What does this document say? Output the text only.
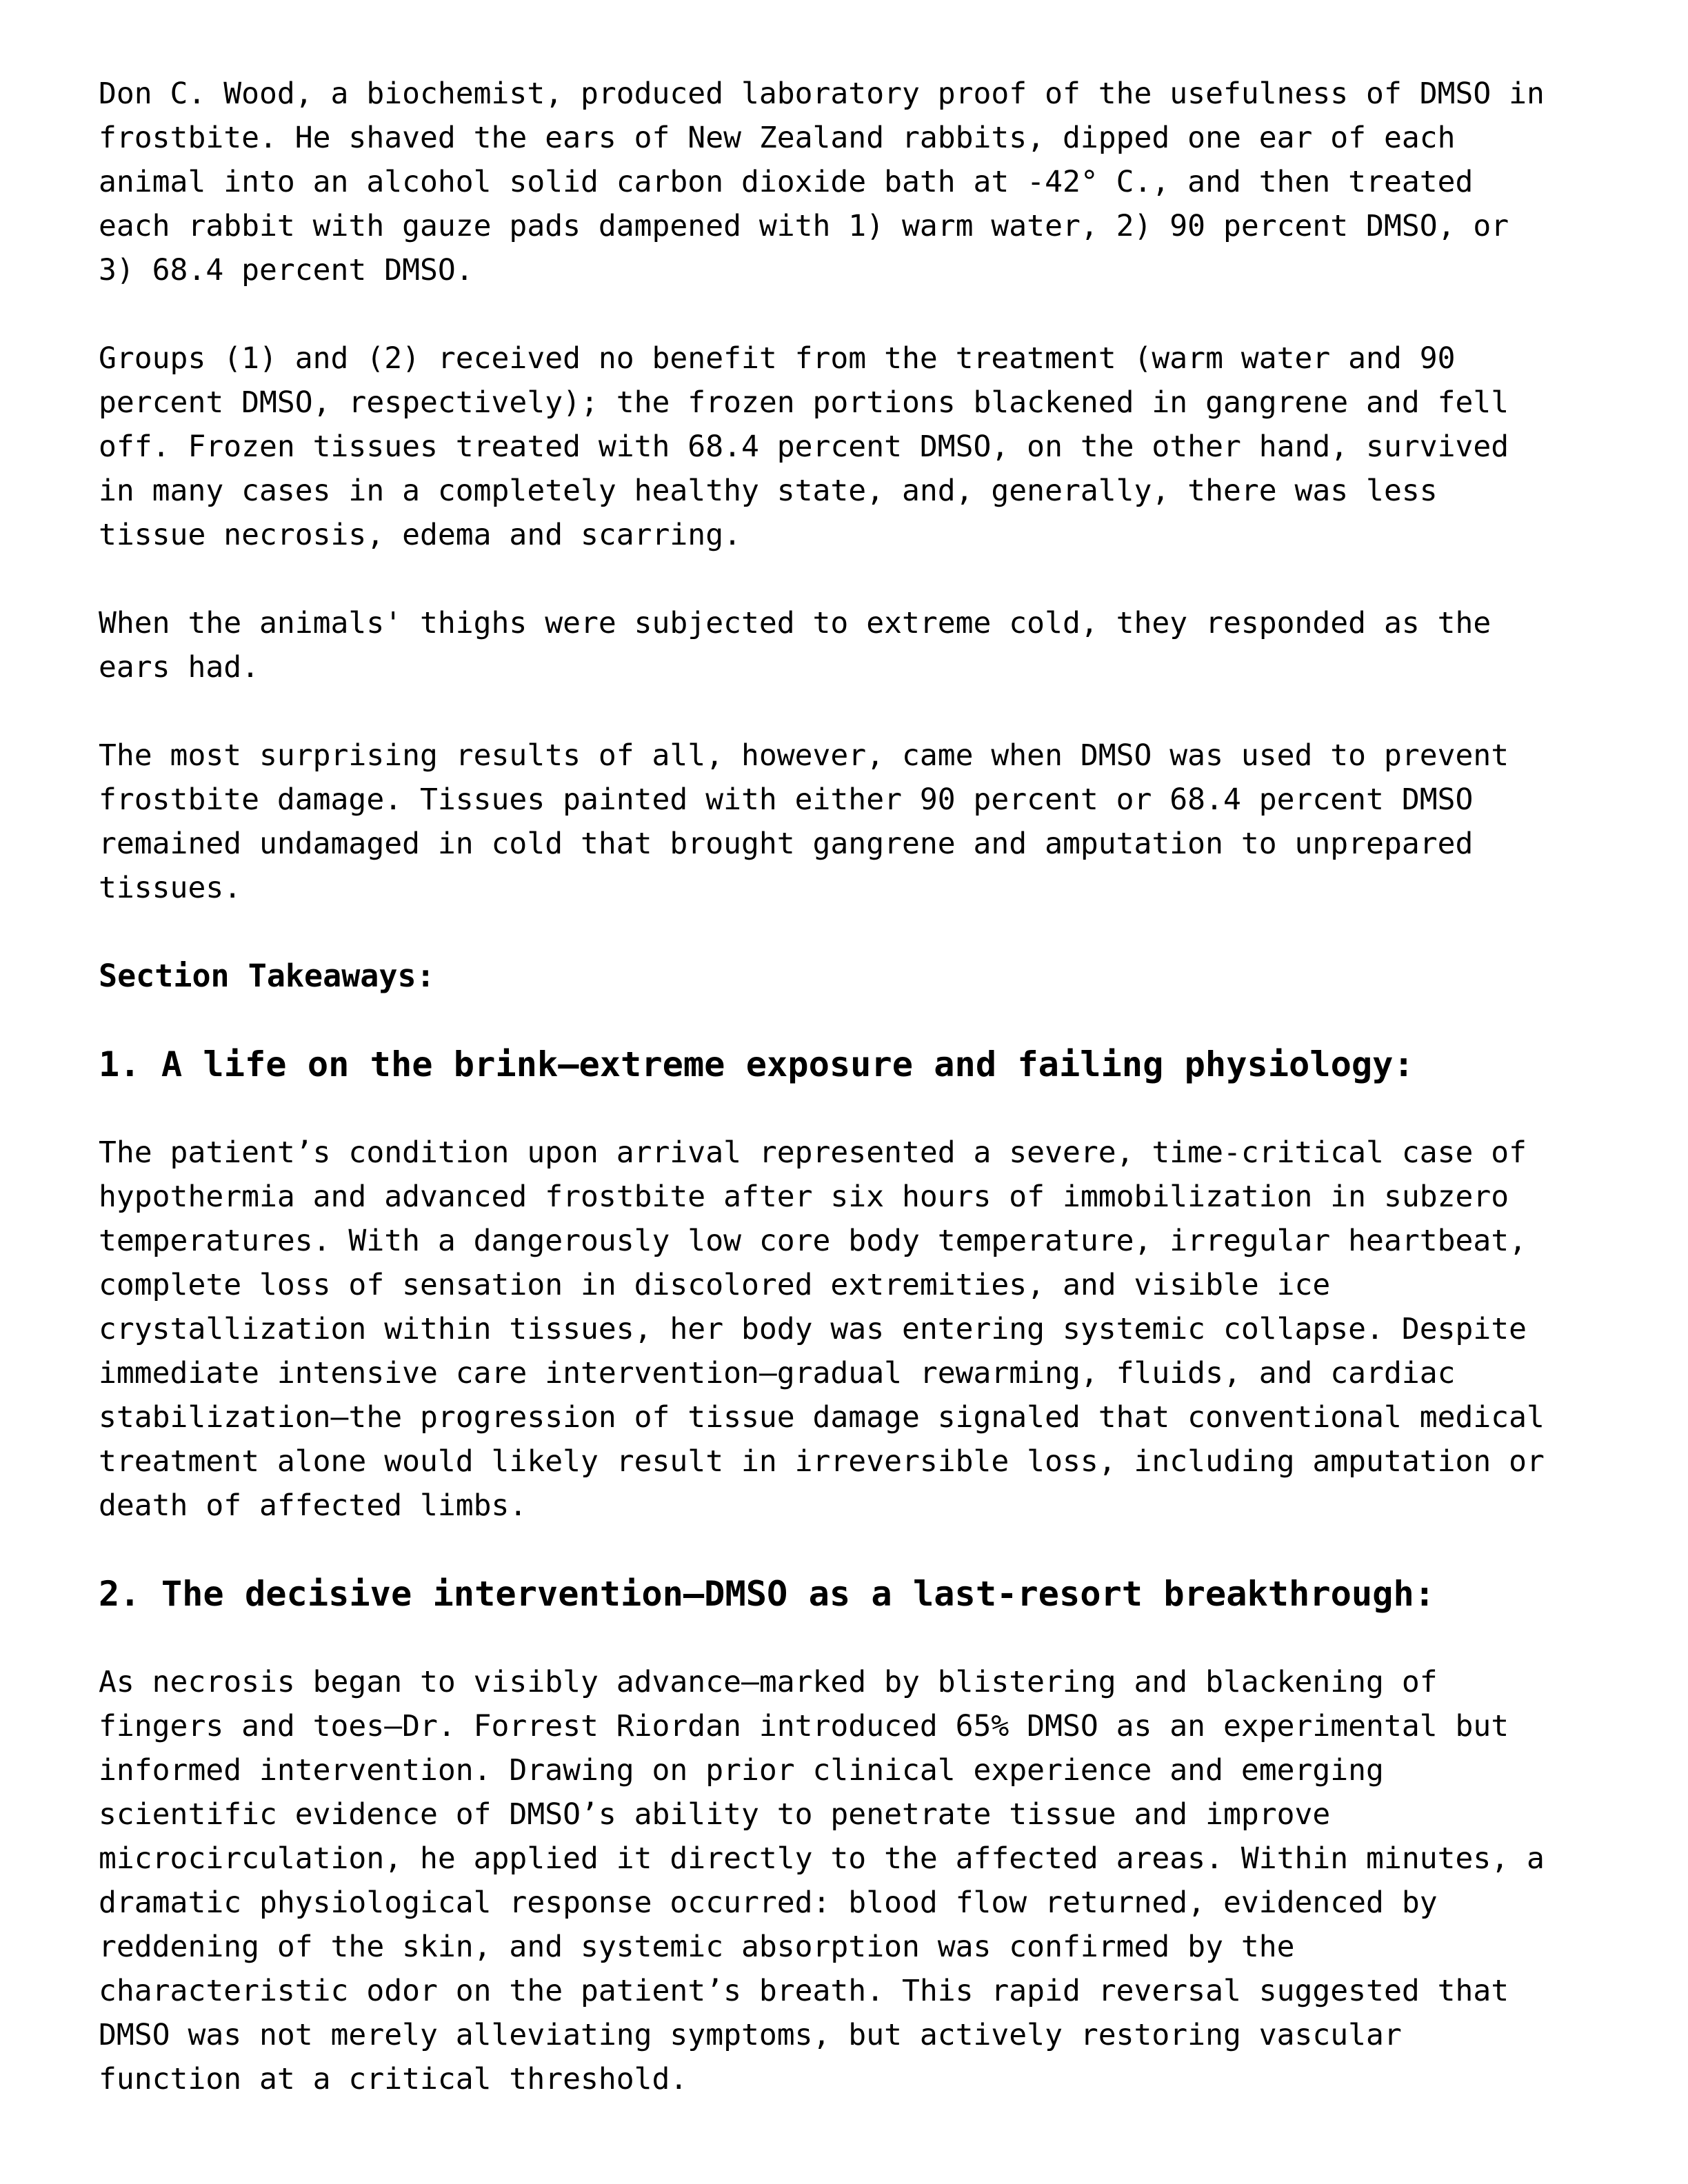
Don C. Wood, a biochemist, produced laboratory proof of the usefulness of DMSO in
frostbite. He shaved the ears of New Zealand rabbits, dipped one ear of each
animal into an alcohol solid carbon dioxide bath at -42° C., and then treated
each rabbit with gauze pads dampened with 1) warm water, 2) 90 percent DMSO, or
3) 68.4 percent DMSO.

Groups (1) and (2) received no benefit from the treatment (warm water and 90
percent DMSO, respectively); the frozen portions blackened in gangrene and fell
off. Frozen tissues treated with 68.4 percent DMSO, on the other hand, survived
in many cases in a completely healthy state, and, generally, there was less
tissue necrosis, edema and scarring.

When the animals' thighs were subjected to extreme cold, they responded as the
ears had.

The most surprising results of all, however, came when DMSO was used to prevent
frostbite damage. Tissues painted with either 90 percent or 68.4 percent DMSO
remained undamaged in cold that brought gangrene and amputation to unprepared
tissues.

Section Takeaways:
1. A life on the brink—extreme exposure and failing physiology:

The patient’s condition upon arrival represented a severe, time-critical case of
hypothermia and advanced frostbite after six hours of immobilization in subzero
temperatures. With a dangerously low core body temperature, irregular heartbeat,
complete loss of sensation in discolored extremities, and visible ice
crystallization within tissues, her body was entering systemic collapse. Despite
immediate intensive care intervention—gradual rewarming, fluids, and cardiac
stabilization—the progression of tissue damage signaled that conventional medical
treatment alone would likely result in irreversible loss, including amputation or
death of affected limbs.

2. The decisive intervention—DMSO as a last-resort breakthrough:

As necrosis began to visibly advance—marked by blistering and blackening of
fingers and toes—Dr. Forrest Riordan introduced 65% DMSO as an experimental but
informed intervention. Drawing on prior clinical experience and emerging
scientific evidence of DMSO’s ability to penetrate tissue and improve
microcirculation, he applied it directly to the affected areas. Within minutes, a
dramatic physiological response occurred: blood flow returned, evidenced by
reddening of the skin, and systemic absorption was confirmed by the
characteristic odor on the patient’s breath. This rapid reversal suggested that
DMSO was not merely alleviating symptoms, but actively restoring vascular
function at a critical threshold.
